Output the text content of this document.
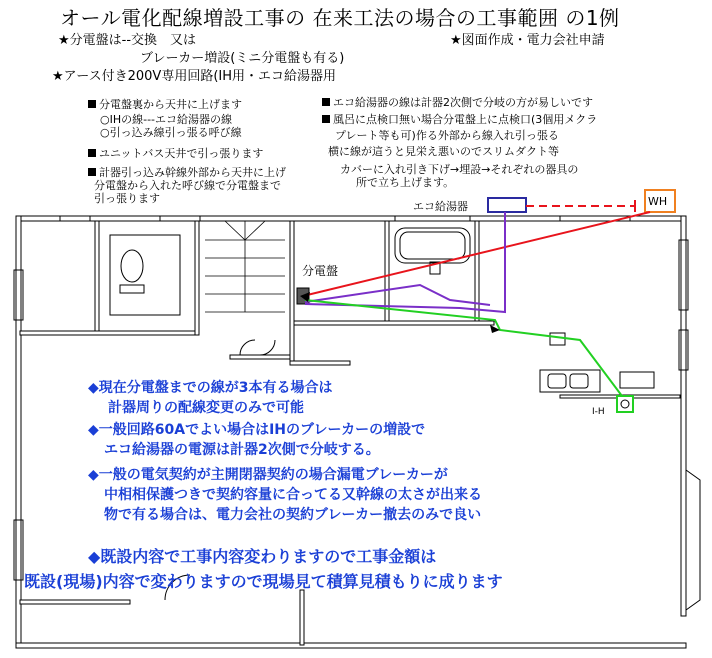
オール電化配線増設工事の 在来工法の場合の工事範囲 の1例
★分電盤は--交換　又は
ブレーカー増設(ミニ分電盤も有る)
★アース付き200V専用回路(IH用・エコ給湯器用
★図面作成・電力会社申請
分電盤裏から天井に上げます
○IHの線---エコ給湯器の線
○引っ込み線引っ張る呼び線
ユニットバス天井で引っ張ります
計器引っ込み幹線外部から天井に上げ
分電盤から入れた呼び線で分電盤まで
引っ張ります
エコ給湯器の線は計器2次側で分岐の方が易しいです
風呂に点検口無い場合分電盤上に点検口(3個用メクラ
プレート等も可)作る外部から線入れ引っ張る
横に線が這うと見栄え悪いのでスリムダクト等
カバーに入れ引き下げ→埋設→それぞれの器具の
所で立ち上げます。
エコ給湯器	WH
分電盤
I-H
◆現在分電盤までの線が3本有る場合は
計器周りの配線変更のみで可能
◆一般回路60Aでよい場合はIHのブレーカーの増設で
エコ給湯器の電源は計器2次側で分岐する。
◆一般の電気契約が主開閉器契約の場合漏電ブレーカーが
中相相保護つきで契約容量に合ってる又幹線の太さが出来る
物で有る場合は、電力会社の契約ブレーカー撤去のみで良い
◆既設内容で工事内容変わりますので工事金額は
既設(現場)内容で変わりますので現場見て積算見積もりに成ります
